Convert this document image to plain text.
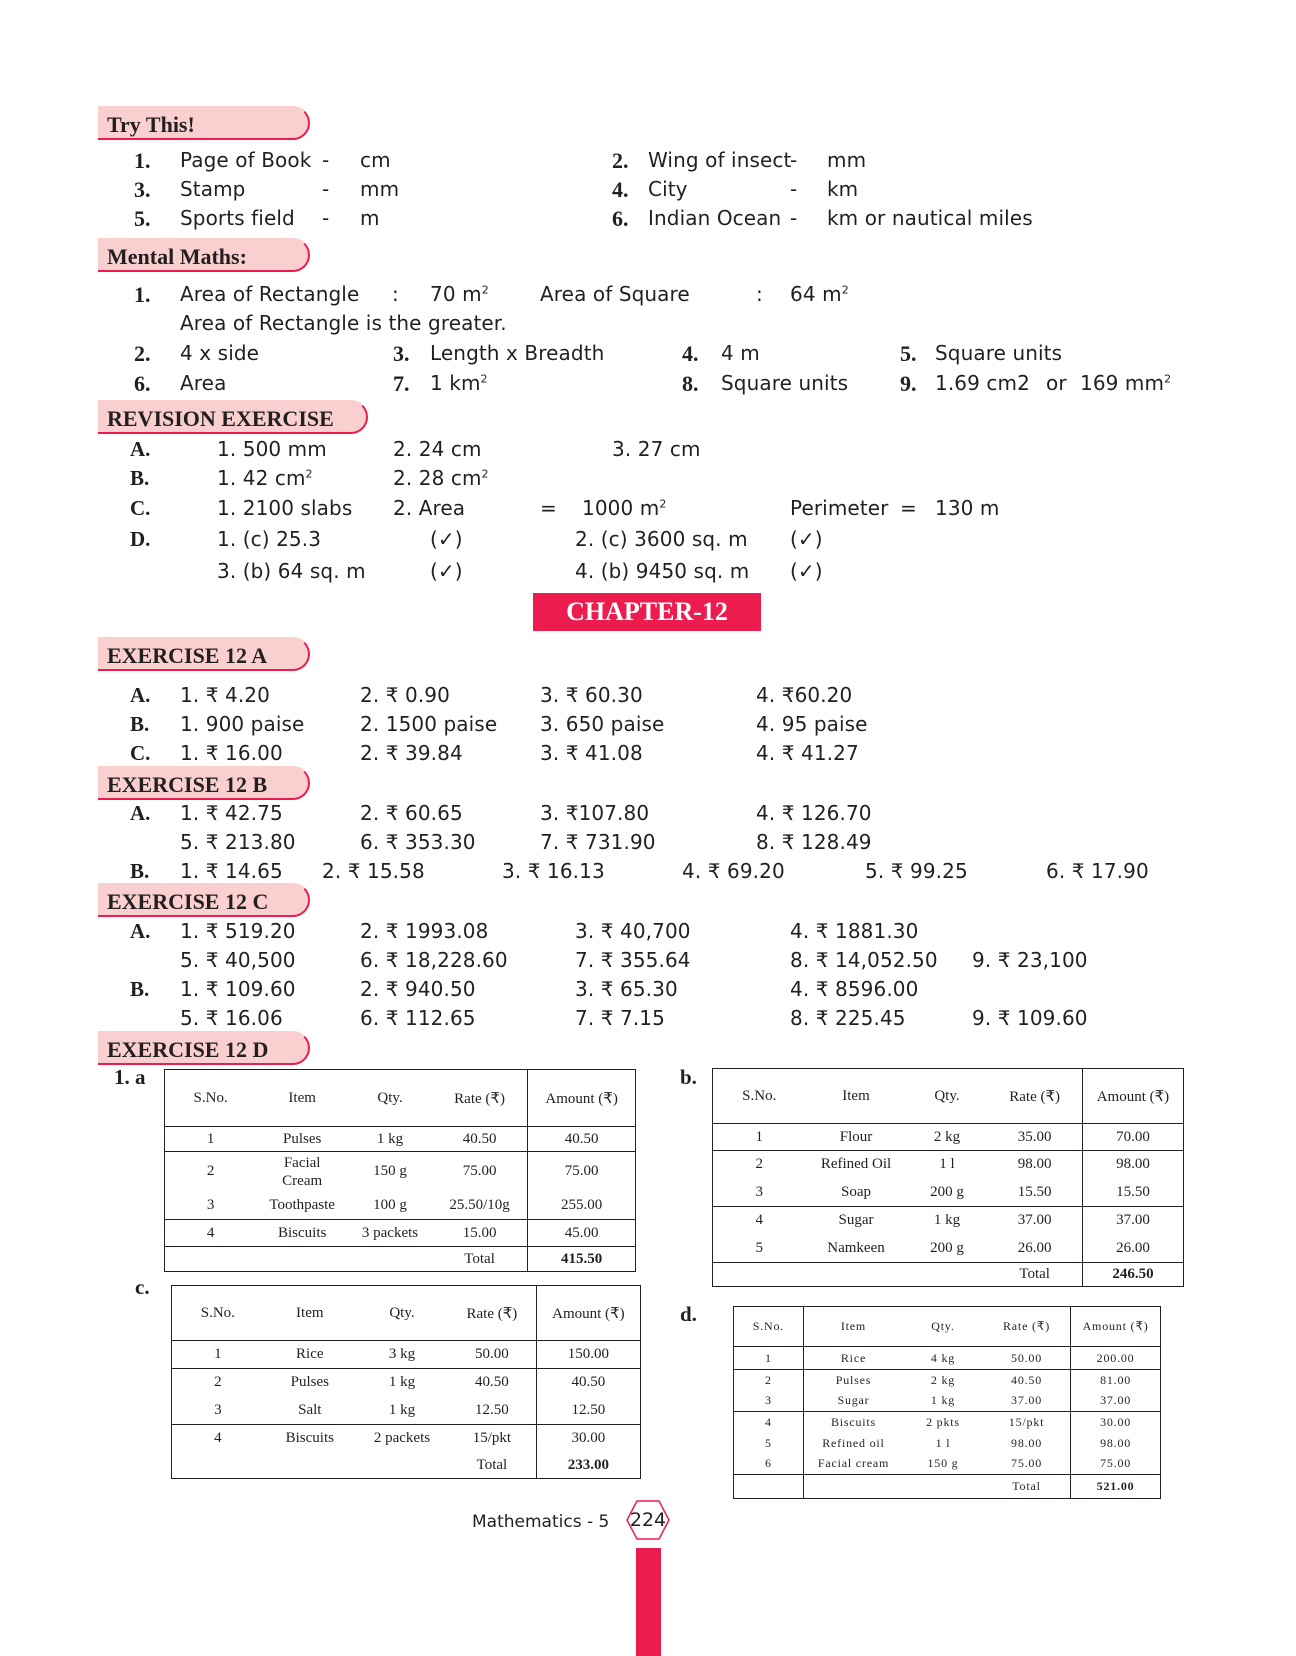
Try This!
1. Page of Book - cm	2. Wing of insect
- mm
3. Stamp	- mm	4. City	- km
5. Sports field - m	6. Indian Ocean - km or nautical miles
Mental Maths:
1. Area of Rectangle : 70 $m^2$	Area of Square	: 64 $m^2$
Area of Rectangle is the greater.
2. 4 x side	3. Length x Breadth	4. 4 m	5. Square units
6. Area	7. 1 $km^2$	8. Square units 9. 1.69 cm2 or 169 $mm^2$
REVISION EXERCISE
A.	1. 500 mm	2. 24 cm	3. 27 cm
B.	1. 42 $cm^2$	2. 28 $cm^2$
C.	1. 2100 slabs 2. Area	= 1000 $m^2$	Perimeter = 130 m
D.	1. (c) 25.3	(✓)	2. (c) 3600 sq. m (✓)
3. (b) 64 sq. m	(✓)	4. (b) 9450 sq. m (✓)
CHAPTER-12
EXERCISE 12 A
A. 1. ₹ 4.20	2. ₹ 0.90	3. ₹ 60.30	4. ₹60.20
B. 1. 900 paise	2. 1500 paise 3. 650 paise	4. 95 paise
C. 1. ₹ 16.00	2. ₹ 39.84	3. ₹ 41.08	4. ₹ 41.27
EXERCISE 12 B
A. 1. ₹ 42.75	2. ₹ 60.65	3. ₹107.80	4. ₹ 126.70
5. ₹ 213.80	6. ₹ 353.30	7. ₹ 731.90	8. ₹ 128.49
B. 1. ₹ 14.65 2. ₹ 15.58	3. ₹ 16.13	4. ₹ 69.20	5. ₹ 99.25	6. ₹ 17.90
EXERCISE 12 C
A. 1. ₹ 519.20	2. ₹ 1993.08	3. ₹ 40,700	4. ₹ 1881.30
5. ₹ 40,500	6. ₹ 18,228.60	7. ₹ 355.64	8. ₹ 14,052.50 9. ₹ 23,100
B. 1. ₹ 109.60	2. ₹ 940.50	3. ₹ 65.30	4. ₹ 8596.00
5. ₹ 16.06	6. ₹ 112.65	7. ₹ 7.15	8. ₹ 225.45	9. ₹ 109.60
EXERCISE 12 D
1. a	b.
c.
d.
S.No.	Item	Qty.	Rate (₹)	Amount (₹)
1	Pulses	1 kg	40.50	40.50
2	Facial Cream	150 g	75.00	75.00
3	Toothpaste	100 g	25.50/10g	255.00
4	Biscuits	3 packets	15.00	45.00
			Total	415.50
S.No.	Item	Qty.	Rate (₹)	Amount (₹)
1	Flour	2 kg	35.00	70.00
2	Refined Oil	1 l	98.00	98.00
3	Soap	200 g	15.50	15.50
4	Sugar	1 kg	37.00	37.00
5	Namkeen	200 g	26.00	26.00
			Total	246.50
S.No.	Item	Qty.	Rate (₹)	Amount (₹)
1	Rice	3 kg	50.00	150.00
2	Pulses	1 kg	40.50	40.50
3	Salt	1 kg	12.50	12.50
4	Biscuits	2 packets	15/pkt	30.00
			Total	233.00
S.No.	Item	Qty.	Rate (₹)	Amount (₹)
1	Rice	4 kg	50.00	200.00
2	Pulses	2 kg	40.50	81.00
3	Sugar	1 kg	37.00	37.00
4	Biscuits	2 pkts	15/pkt	30.00
5	Refined oil	1 l	98.00	98.00
6	Facial cream	150 g	75.00	75.00
			Total	521.00
Mathematics - 5 224
